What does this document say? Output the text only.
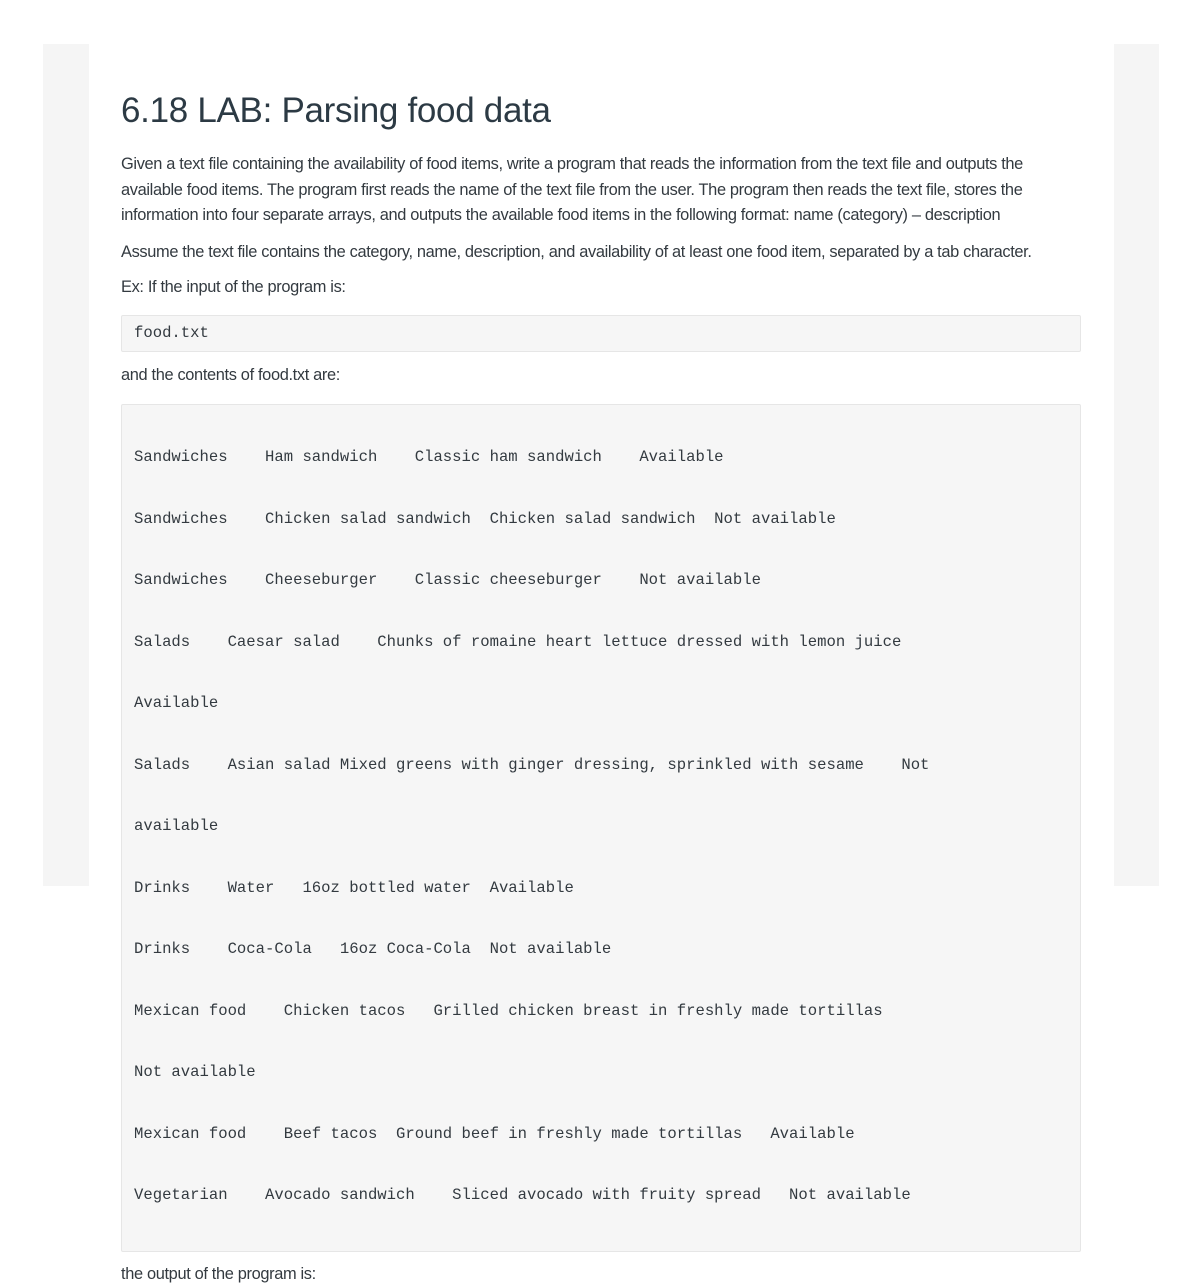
6.18 LAB: Parsing food data

Given a text file containing the availability of food items, write a program that reads the information from the text file and outputs the available food items. The program first reads the name of the text file from the user. The program then reads the text file, stores the information into four separate arrays, and outputs the available food items in the following format: name (category) – description

Assume the text file contains the category, name, description, and availability of at least one food item, separated by a tab character.

Ex: If the input of the program is:

food.txt

and the contents of food.txt are:

Sandwiches    Ham sandwich    Classic ham sandwich    Available

Sandwiches    Chicken salad sandwich  Chicken salad sandwich  Not available

Sandwiches    Cheeseburger    Classic cheeseburger    Not available

Salads    Caesar salad    Chunks of romaine heart lettuce dressed with lemon juice

Available

Salads    Asian salad Mixed greens with ginger dressing, sprinkled with sesame    Not

available

Drinks    Water   16oz bottled water  Available

Drinks    Coca-Cola   16oz Coca-Cola  Not available

Mexican food    Chicken tacos   Grilled chicken breast in freshly made tortillas

Not available

Mexican food    Beef tacos  Ground beef in freshly made tortillas   Available

Vegetarian    Avocado sandwich    Sliced avocado with fruity spread   Not available

the output of the program is:
